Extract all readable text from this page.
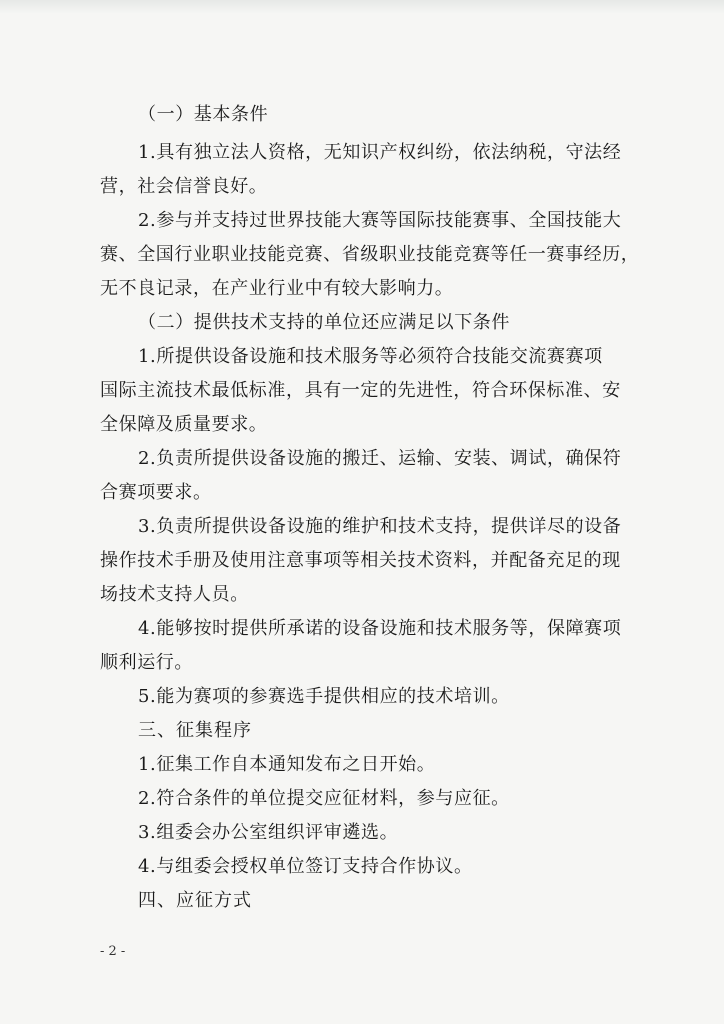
（一）基本条件
1.具有独立法人资格，无知识产权纠纷，依法纳税，守法经
营，社会信誉良好。
2.参与并支持过世界技能大赛等国际技能赛事、全国技能大
赛、全国行业职业技能竞赛、省级职业技能竞赛等任一赛事经历，
无不良记录，在产业行业中有较大影响力。
（二）提供技术支持的单位还应满足以下条件
1.所提供设备设施和技术服务等必须符合技能交流赛赛项
国际主流技术最低标准，具有一定的先进性，符合环保标准、安
全保障及质量要求。
2.负责所提供设备设施的搬迁、运输、安装、调试，确保符
合赛项要求。
3.负责所提供设备设施的维护和技术支持，提供详尽的设备
操作技术手册及使用注意事项等相关技术资料，并配备充足的现
场技术支持人员。
4.能够按时提供所承诺的设备设施和技术服务等，保障赛项
顺利运行。
5.能为赛项的参赛选手提供相应的技术培训。
三、征集程序
1.征集工作自本通知发布之日开始。
2.符合条件的单位提交应征材料，参与应征。
3.组委会办公室组织评审遴选。
4.与组委会授权单位签订支持合作协议。
四、应征方式
- 2 -
